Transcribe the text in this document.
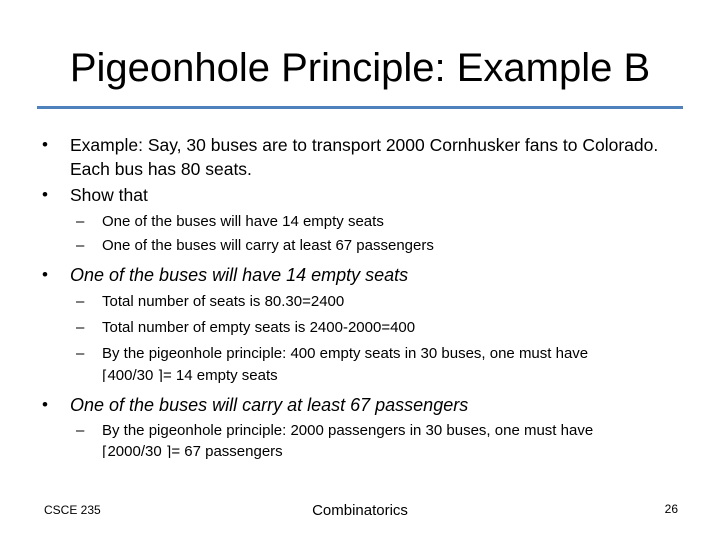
Pigeonhole Principle: Example B
• Example: Say, 30 buses are to transport 2000 Cornhusker fans to Colorado.
Each bus has 80 seats.
• Show that
– One of the buses will have 14 empty seats
– One of the buses will carry at least 67 passengers
• One of the buses will have 14 empty seats
– Total number of seats is 80.30=2400
– Total number of empty seats is 2400-2000=400
– By the pigeonhole principle: 400 empty seats in 30 buses, one must have
⌈400/30 ⌉= 14 empty seats
• One of the buses will carry at least 67 passengers
– By the pigeonhole principle: 2000 passengers in 30 buses, one must have
⌈2000/30 ⌉= 67 passengers
CSCE 235	Combinatorics	26
